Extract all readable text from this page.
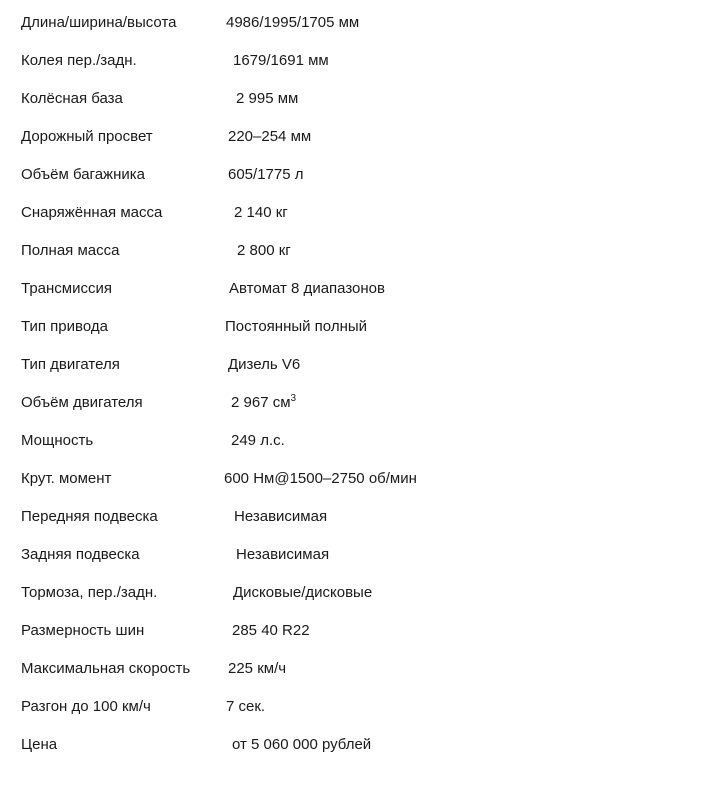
Длина/ширина/высота	4986/1995/1705 мм
Колея пер./задн.	1679/1691 мм
Колёсная база	2 995 мм
Дорожный просвет	220–254 мм
Объём багажника	605/1775 л
Снаряжённая масса	2 140 кг
Полная масса	2 800 кг
Трансмиссия	Автомат 8 диапазонов
Тип привода	Постоянный полный
Тип двигателя	Дизель V6
Объём двигателя	2 967 $см^3$
Мощность	249 л.с.
Крут. момент	600 Нм@1500–2750 об/мин
Передняя подвеска	Независимая
Задняя подвеска	Независимая
Тормоза, пер./задн.	Дисковые/дисковые
Размерность шин	285 40 R22
Максимальная скорость	225 км/ч
Разгон до 100 км/ч	7 сек.
Цена	от 5 060 000 рублей
